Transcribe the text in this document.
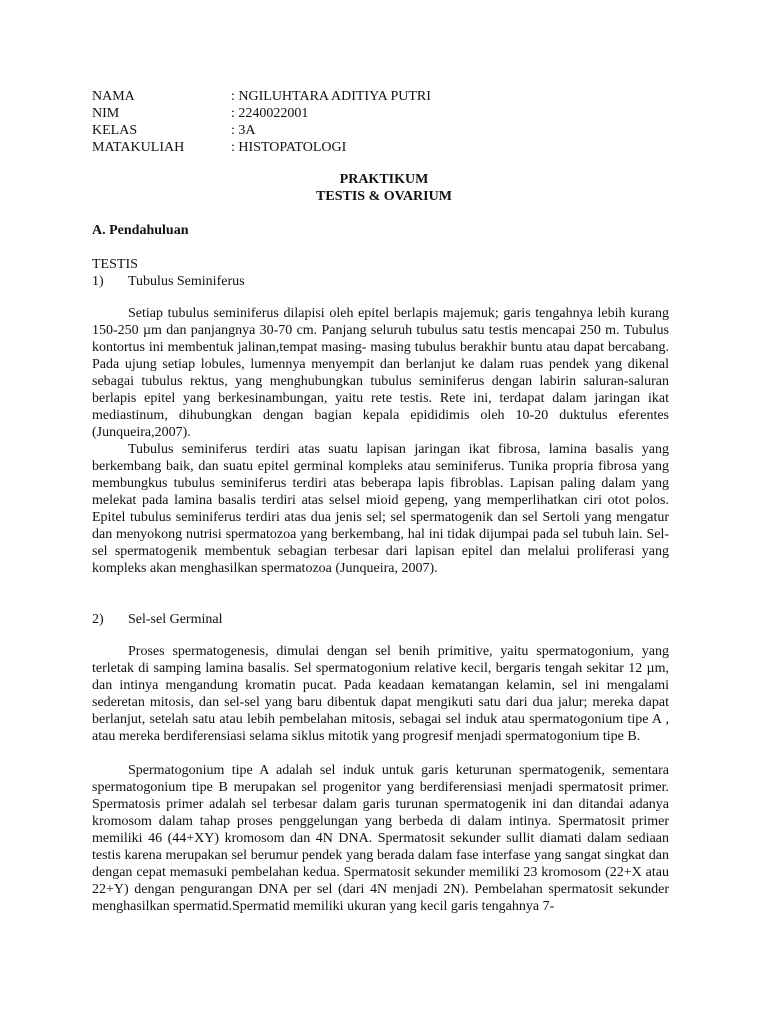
NAMA	: NGILUHTARA ADITIYA PUTRI
NIM	: 2240022001
KELAS	: 3A
MATAKULIAH	: HISTOPATOLOGI
PRAKTIKUM
TESTIS & OVARIUM
A. Pendahuluan
TESTIS
1) Tubulus Seminiferus

Setiap tubulus seminiferus dilapisi oleh epitel berlapis majemuk; garis tengahnya lebih kurang 150-250 µm dan panjangnya 30-70 cm. Panjang seluruh tubulus satu testis mencapai 250 m. Tubulus kontortus ini membentuk jalinan,tempat masing- masing tubulus berakhir buntu atau dapat bercabang. Pada ujung setiap lobules, lumennya menyempit dan berlanjut ke dalam ruas pendek yang dikenal sebagai tubulus rektus, yang menghubungkan tubulus seminiferus dengan labirin saluran-saluran berlapis epitel yang berkesinambungan, yaitu rete testis. Rete ini, terdapat dalam jaringan ikat mediastinum, dihubungkan dengan bagian kepala epididimis oleh 10-20 duktulus eferentes (Junqueira,2007).

Tubulus seminiferus terdiri atas suatu lapisan jaringan ikat fibrosa, lamina basalis yang berkembang baik, dan suatu epitel germinal kompleks atau seminiferus. Tunika propria fibrosa yang membungkus tubulus seminiferus terdiri atas beberapa lapis fibroblas. Lapisan paling dalam yang melekat pada lamina basalis terdiri atas selsel mioid gepeng, yang memperlihatkan ciri otot polos. Epitel tubulus seminiferus terdiri atas dua jenis sel; sel spermatogenik dan sel Sertoli yang mengatur dan menyokong nutrisi spermatozoa yang berkembang, hal ini tidak dijumpai pada sel tubuh lain. Sel-sel spermatogenik membentuk sebagian terbesar dari lapisan epitel dan melalui proliferasi yang kompleks akan menghasilkan spermatozoa (Junqueira, 2007).

2) Sel-sel Germinal

Proses spermatogenesis, dimulai dengan sel benih primitive, yaitu spermatogonium, yang terletak di samping lamina basalis. Sel spermatogonium relative kecil, bergaris tengah sekitar 12 µm, dan intinya mengandung kromatin pucat. Pada keadaan kematangan kelamin, sel ini mengalami sederetan mitosis, dan sel-sel yang baru dibentuk dapat mengikuti satu dari dua jalur; mereka dapat berlanjut, setelah satu atau lebih pembelahan mitosis, sebagai sel induk atau spermatogonium tipe A , atau mereka berdiferensiasi selama siklus mitotik yang progresif menjadi spermatogonium tipe B.

Spermatogonium tipe A adalah sel induk untuk garis keturunan spermatogenik, sementara spermatogonium tipe B merupakan sel progenitor yang berdiferensiasi menjadi spermatosit primer. Spermatosis primer adalah sel terbesar dalam garis turunan spermatogenik ini dan ditandai adanya kromosom dalam tahap proses penggelungan yang berbeda di dalam intinya. Spermatosit primer memiliki 46 (44+XY) kromosom dan 4N DNA. Spermatosit sekunder sullit diamati dalam sediaan testis karena merupakan sel berumur pendek yang berada dalam fase interfase yang sangat singkat dan dengan cepat memasuki pembelahan kedua. Spermatosit sekunder memiliki 23 kromosom (22+X atau 22+Y) dengan pengurangan DNA per sel (dari 4N menjadi 2N). Pembelahan spermatosit sekunder menghasilkan spermatid.Spermatid memiliki ukuran yang kecil garis tengahnya 7-
